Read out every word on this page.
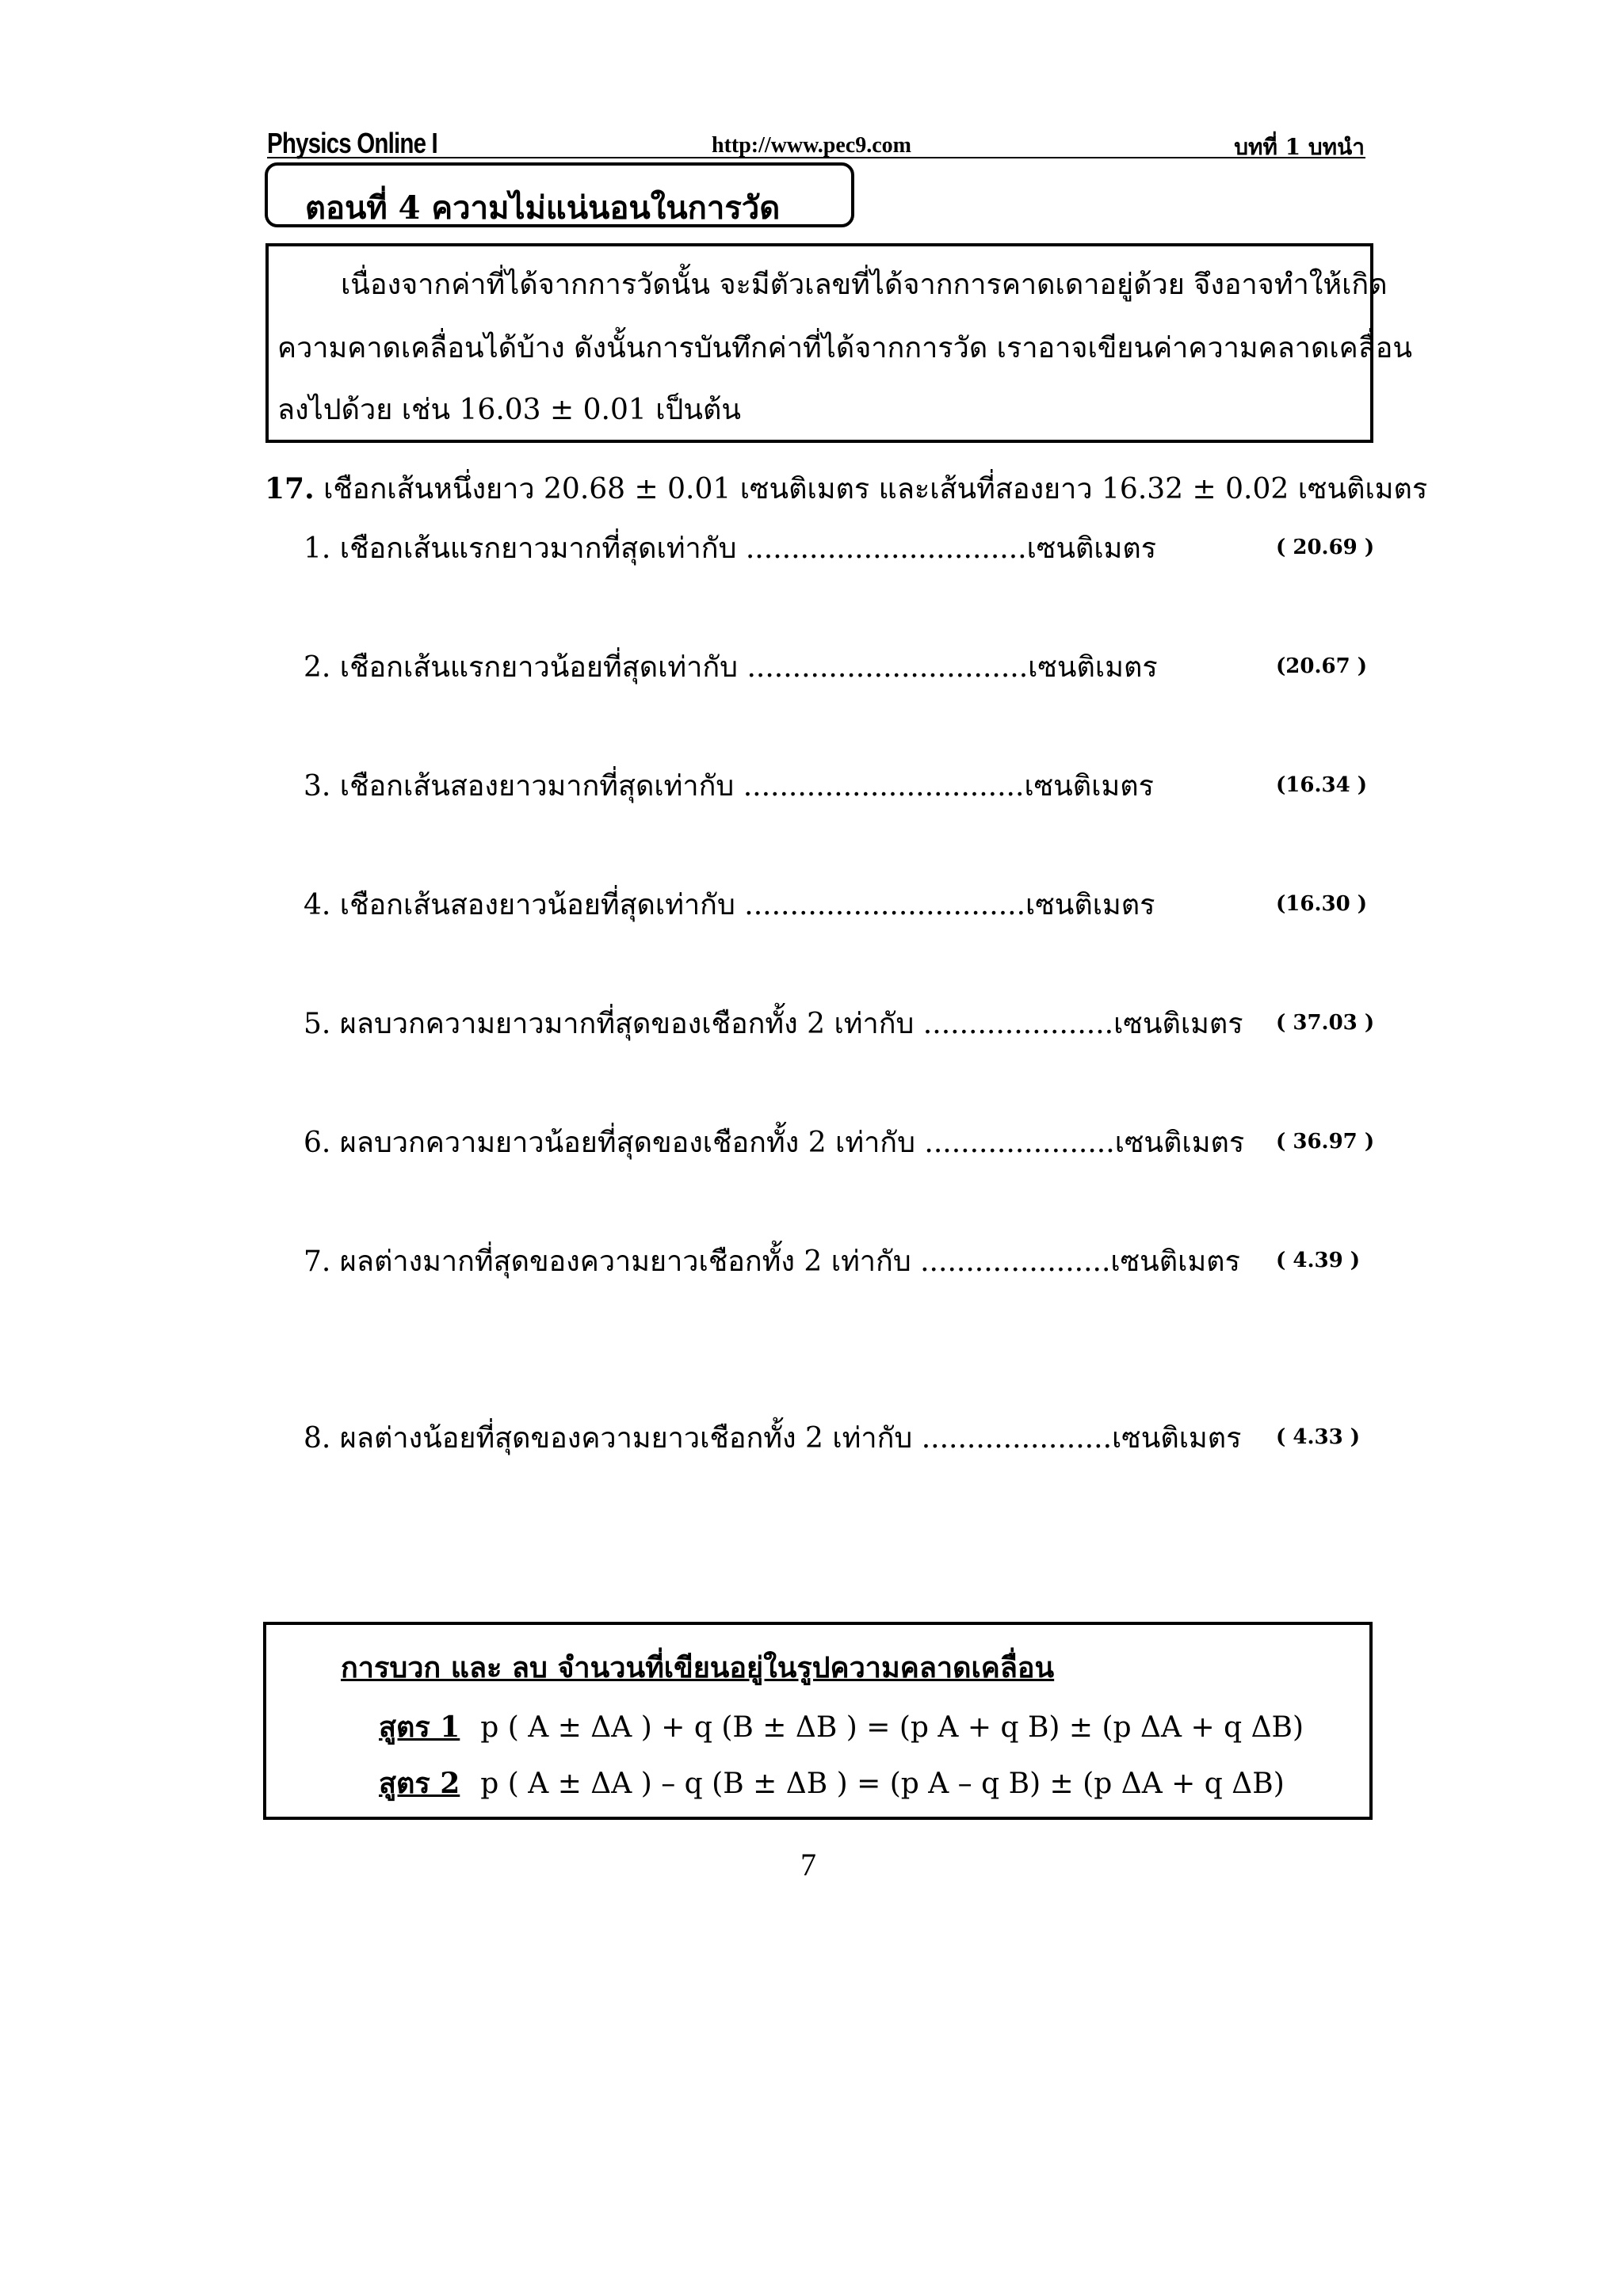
Physics Online I	http://www.pec9.com	บทที่ 1 บทนำ
ตอนที่ 4 ความไม่แน่นอนในการวัด
เนื่องจากค่าที่ได้จากการวัดนั้น จะมีตัวเลขที่ได้จากการคาดเดาอยู่ด้วย จึงอาจทำให้เกิด
ความคาดเคลื่อนได้บ้าง ดังนั้นการบันทึกค่าที่ได้จากการวัด เราอาจเขียนค่าความคลาดเคลื่อน
ลงไปด้วย เช่น 16.03 ± 0.01 เป็นต้น
17. เชือกเส้นหนึ่งยาว 20.68 ± 0.01 เซนติเมตร และเส้นที่สองยาว 16.32 ± 0.02 เซนติเมตร
1. เชือกเส้นแรกยาวมากที่สุดเท่ากับ ...............................เซนติเมตร	( 20.69 )
2. เชือกเส้นแรกยาวน้อยที่สุดเท่ากับ ...............................เซนติเมตร	(20.67 )
3. เชือกเส้นสองยาวมากที่สุดเท่ากับ ...............................เซนติเมตร	(16.34 )
4. เชือกเส้นสองยาวน้อยที่สุดเท่ากับ ...............................เซนติเมตร	(16.30 )
5. ผลบวกความยาวมากที่สุดของเชือกทั้ง 2 เท่ากับ .....................เซนติเมตร ( 37.03 )
6. ผลบวกความยาวน้อยที่สุดของเชือกทั้ง 2 เท่ากับ .....................เซนติเมตร ( 36.97 )
7. ผลต่างมากที่สุดของความยาวเชือกทั้ง 2 เท่ากับ .....................เซนติเมตร ( 4.39 )
8. ผลต่างน้อยที่สุดของความยาวเชือกทั้ง 2 เท่ากับ .....................เซนติเมตร ( 4.33 )
การบวก และ ลบ จำนวนที่เขียนอยู่ในรูปความคลาดเคลื่อน
สูตร 1 p ( A ± ΔA ) + q (B ± ΔB ) = (p A + q B) ± (p ΔA + q ΔB)
สูตร 2 p ( A ± ΔA ) – q (B ± ΔB ) = (p A – q B) ± (p ΔA + q ΔB)
7
